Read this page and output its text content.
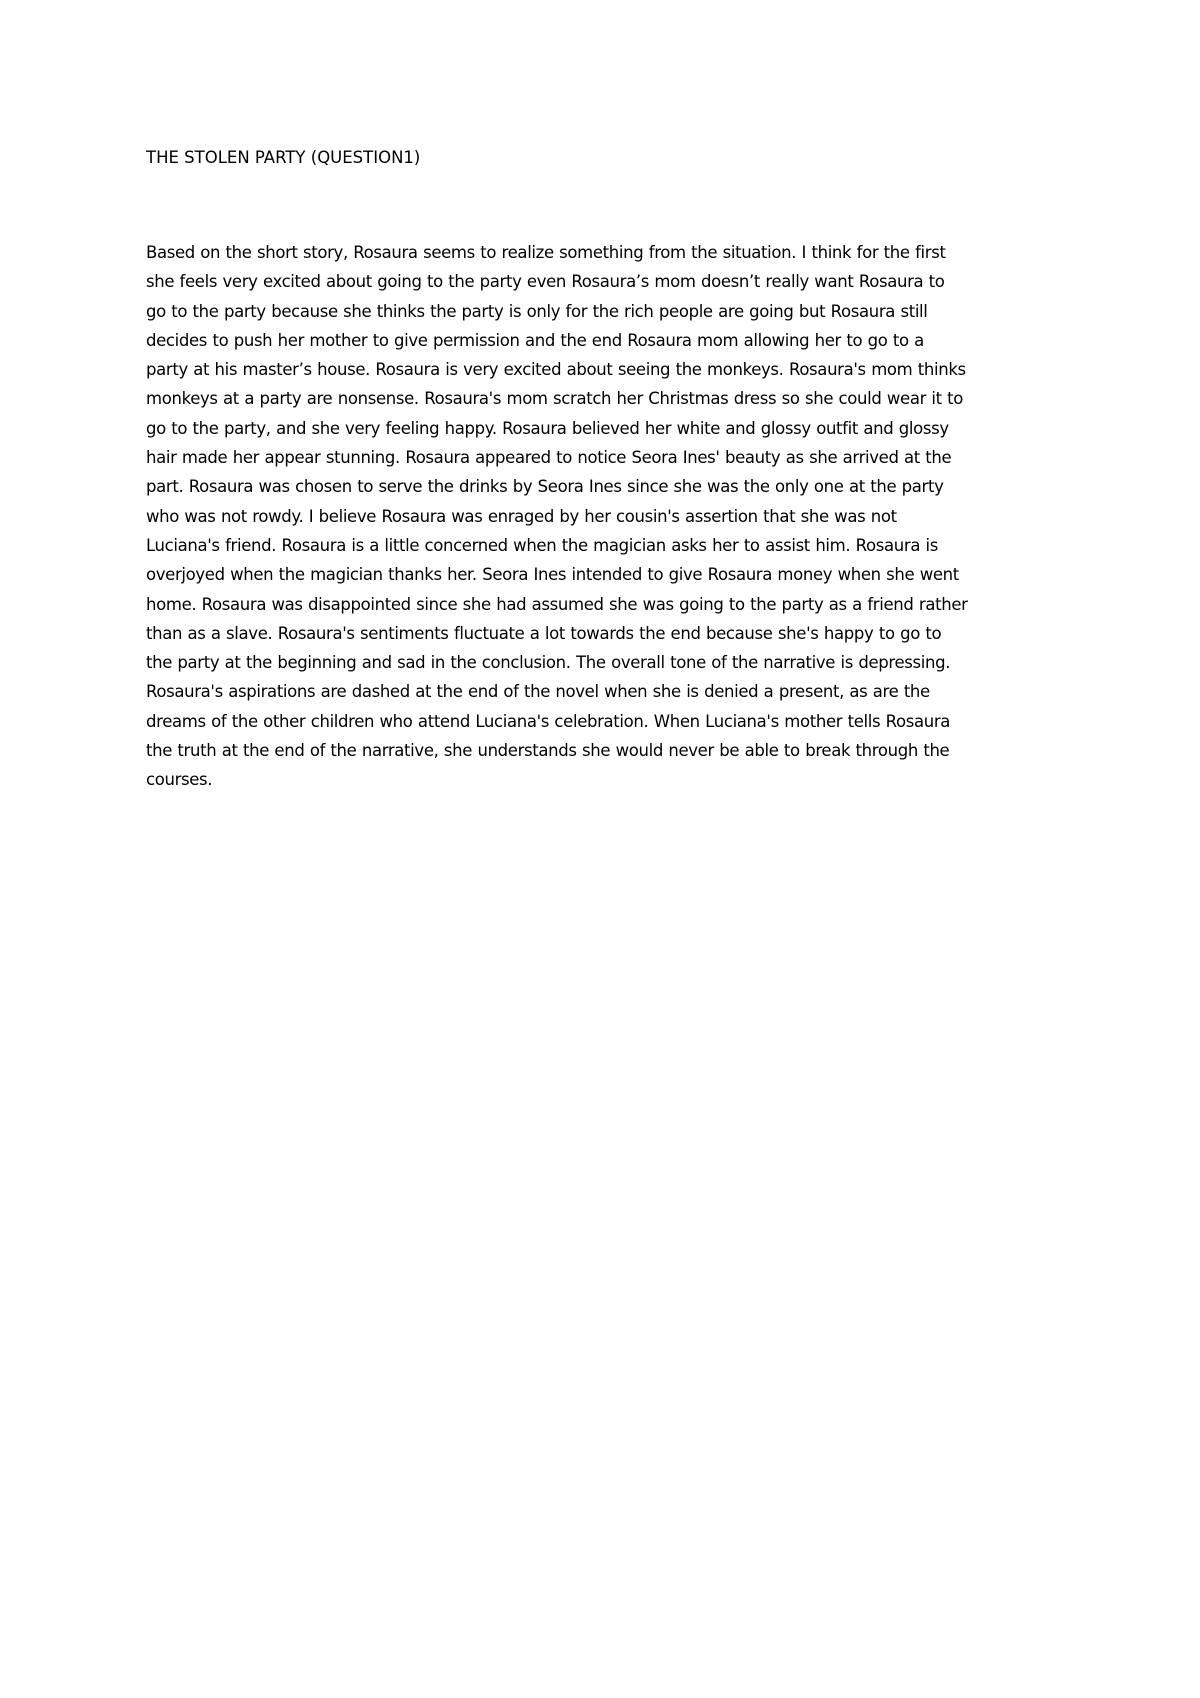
THE STOLEN PARTY (QUESTION1)
Based on the short story, Rosaura seems to realize something from the situation. I think for the first
she feels very excited about going to the party even Rosaura’s mom doesn’t really want Rosaura to
go to the party because she thinks the party is only for the rich people are going but Rosaura still
decides to push her mother to give permission and the end Rosaura mom allowing her to go to a
party at his master’s house. Rosaura is very excited about seeing the monkeys. Rosaura's mom thinks
monkeys at a party are nonsense. Rosaura's mom scratch her Christmas dress so she could wear it to
go to the party, and she very feeling happy. Rosaura believed her white and glossy outfit and glossy
hair made her appear stunning. Rosaura appeared to notice Seora Ines' beauty as she arrived at the
part. Rosaura was chosen to serve the drinks by Seora Ines since she was the only one at the party
who was not rowdy. I believe Rosaura was enraged by her cousin's assertion that she was not
Luciana's friend. Rosaura is a little concerned when the magician asks her to assist him. Rosaura is
overjoyed when the magician thanks her. Seora Ines intended to give Rosaura money when she went
home. Rosaura was disappointed since she had assumed she was going to the party as a friend rather
than as a slave. Rosaura's sentiments fluctuate a lot towards the end because she's happy to go to
the party at the beginning and sad in the conclusion. The overall tone of the narrative is depressing.
Rosaura's aspirations are dashed at the end of the novel when she is denied a present, as are the
dreams of the other children who attend Luciana's celebration. When Luciana's mother tells Rosaura
the truth at the end of the narrative, she understands she would never be able to break through the
courses.
